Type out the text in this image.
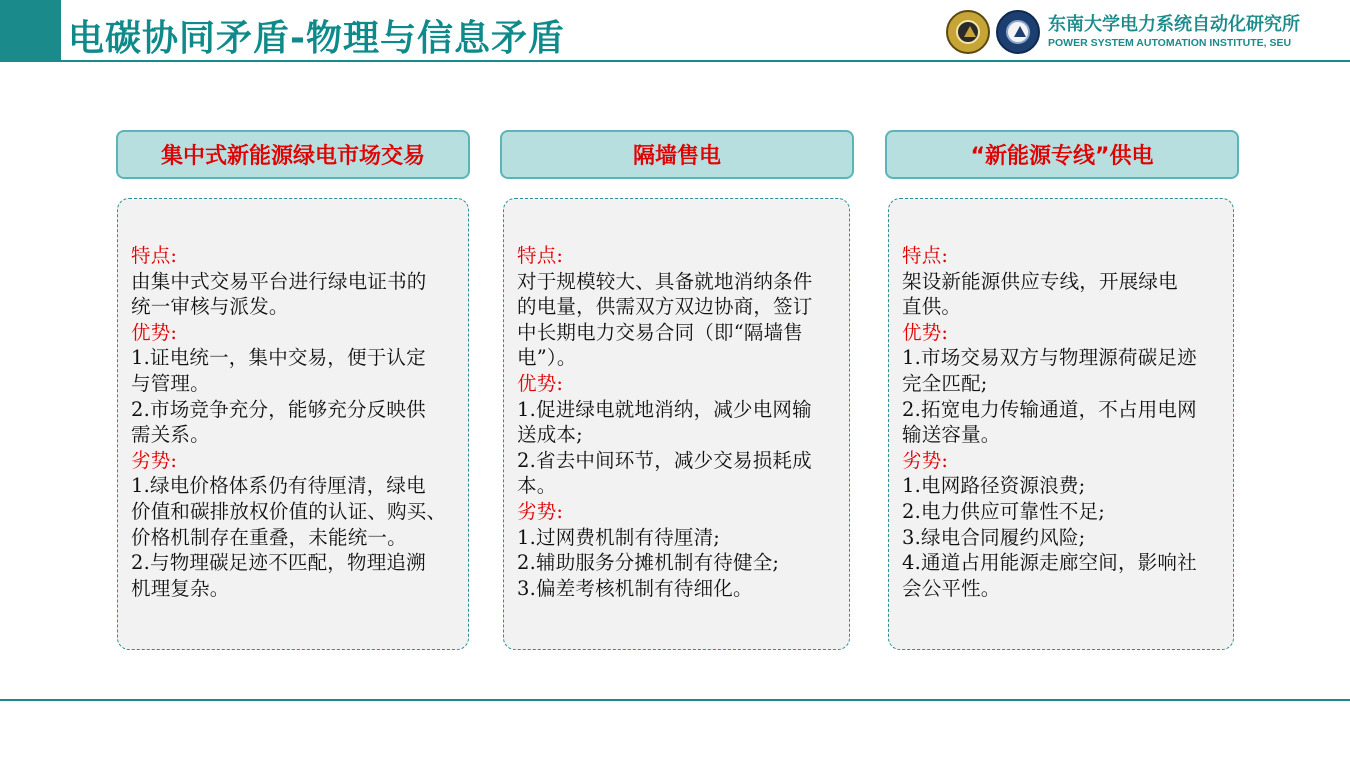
电碳协同矛盾-物理与信息矛盾	东南大学电力系统自动化研究所
POWER SYSTEM AUTOMATION INSTITUTE, SEU
集中式新能源绿电市场交易
特点:
由集中式交易平台进行绿电证书的
统一审核与派发。
优势:
1.证电统一，集中交易，便于认定
与管理。
2.市场竞争充分，能够充分反映供
需关系。
劣势:
1.绿电价格体系仍有待厘清，绿电
价值和碳排放权价值的认证、购买、
价格机制存在重叠，未能统一。
2.与物理碳足迹不匹配，物理追溯
机理复杂。
隔墙售电
特点:
对于规模较大、具备就地消纳条件
的电量，供需双方双边协商，签订
中长期电力交易合同（即“隔墙售
电”）。
优势:
1.促进绿电就地消纳，减少电网输
送成本;
2.省去中间环节，减少交易损耗成
本。
劣势:
1.过网费机制有待厘清;
2.辅助服务分摊机制有待健全;
3.偏差考核机制有待细化。
“新能源专线”供电
特点:
架设新能源供应专线，开展绿电
直供。
优势:
1.市场交易双方与物理源荷碳足迹
完全匹配;
2.拓宽电力传输通道，不占用电网
输送容量。
劣势:
1.电网路径资源浪费;
2.电力供应可靠性不足;
3.绿电合同履约风险;
4.通道占用能源走廊空间，影响社
会公平性。
